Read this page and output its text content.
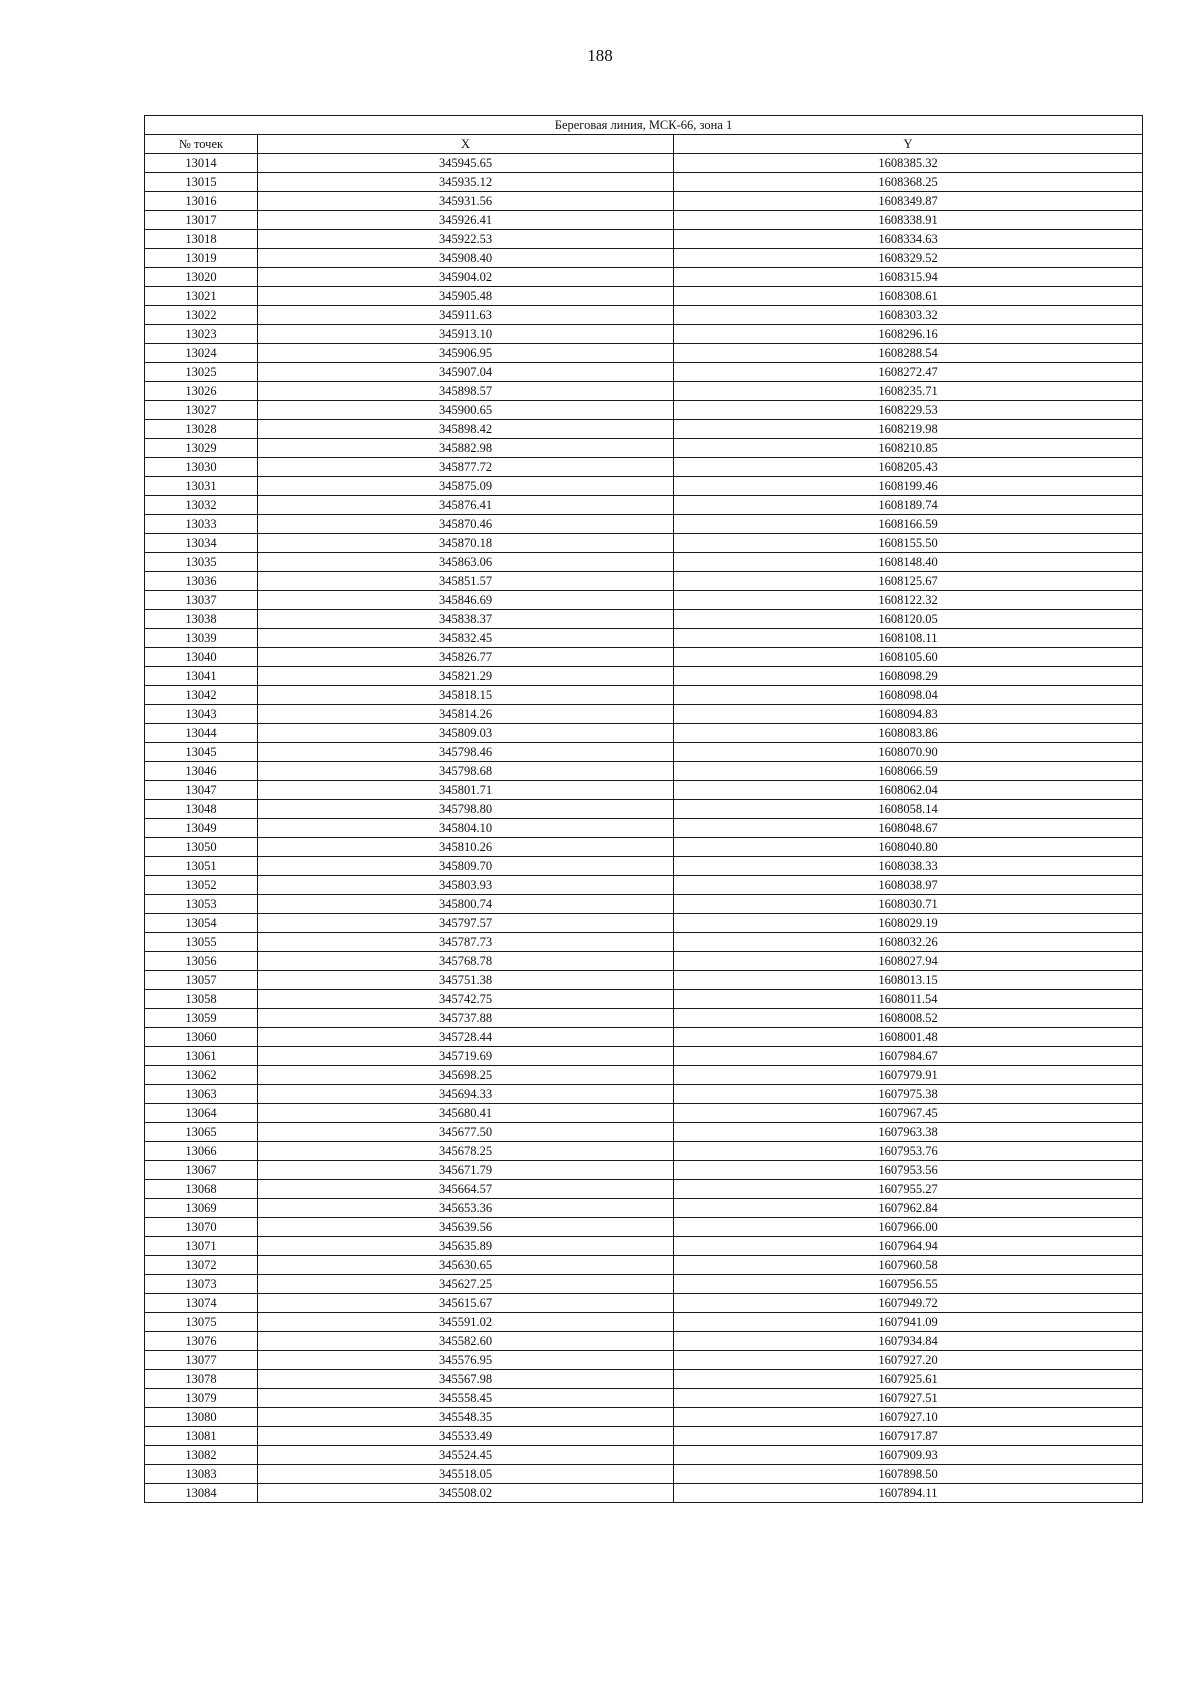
188
Береговая линия, МСК-66, зона 1		
№ точек	X	Y
13014	345945.65	1608385.32
13015	345935.12	1608368.25
13016	345931.56	1608349.87
13017	345926.41	1608338.91
13018	345922.53	1608334.63
13019	345908.40	1608329.52
13020	345904.02	1608315.94
13021	345905.48	1608308.61
13022	345911.63	1608303.32
13023	345913.10	1608296.16
13024	345906.95	1608288.54
13025	345907.04	1608272.47
13026	345898.57	1608235.71
13027	345900.65	1608229.53
13028	345898.42	1608219.98
13029	345882.98	1608210.85
13030	345877.72	1608205.43
13031	345875.09	1608199.46
13032	345876.41	1608189.74
13033	345870.46	1608166.59
13034	345870.18	1608155.50
13035	345863.06	1608148.40
13036	345851.57	1608125.67
13037	345846.69	1608122.32
13038	345838.37	1608120.05
13039	345832.45	1608108.11
13040	345826.77	1608105.60
13041	345821.29	1608098.29
13042	345818.15	1608098.04
13043	345814.26	1608094.83
13044	345809.03	1608083.86
13045	345798.46	1608070.90
13046	345798.68	1608066.59
13047	345801.71	1608062.04
13048	345798.80	1608058.14
13049	345804.10	1608048.67
13050	345810.26	1608040.80
13051	345809.70	1608038.33
13052	345803.93	1608038.97
13053	345800.74	1608030.71
13054	345797.57	1608029.19
13055	345787.73	1608032.26
13056	345768.78	1608027.94
13057	345751.38	1608013.15
13058	345742.75	1608011.54
13059	345737.88	1608008.52
13060	345728.44	1608001.48
13061	345719.69	1607984.67
13062	345698.25	1607979.91
13063	345694.33	1607975.38
13064	345680.41	1607967.45
13065	345677.50	1607963.38
13066	345678.25	1607953.76
13067	345671.79	1607953.56
13068	345664.57	1607955.27
13069	345653.36	1607962.84
13070	345639.56	1607966.00
13071	345635.89	1607964.94
13072	345630.65	1607960.58
13073	345627.25	1607956.55
13074	345615.67	1607949.72
13075	345591.02	1607941.09
13076	345582.60	1607934.84
13077	345576.95	1607927.20
13078	345567.98	1607925.61
13079	345558.45	1607927.51
13080	345548.35	1607927.10
13081	345533.49	1607917.87
13082	345524.45	1607909.93
13083	345518.05	1607898.50
13084	345508.02	1607894.11
